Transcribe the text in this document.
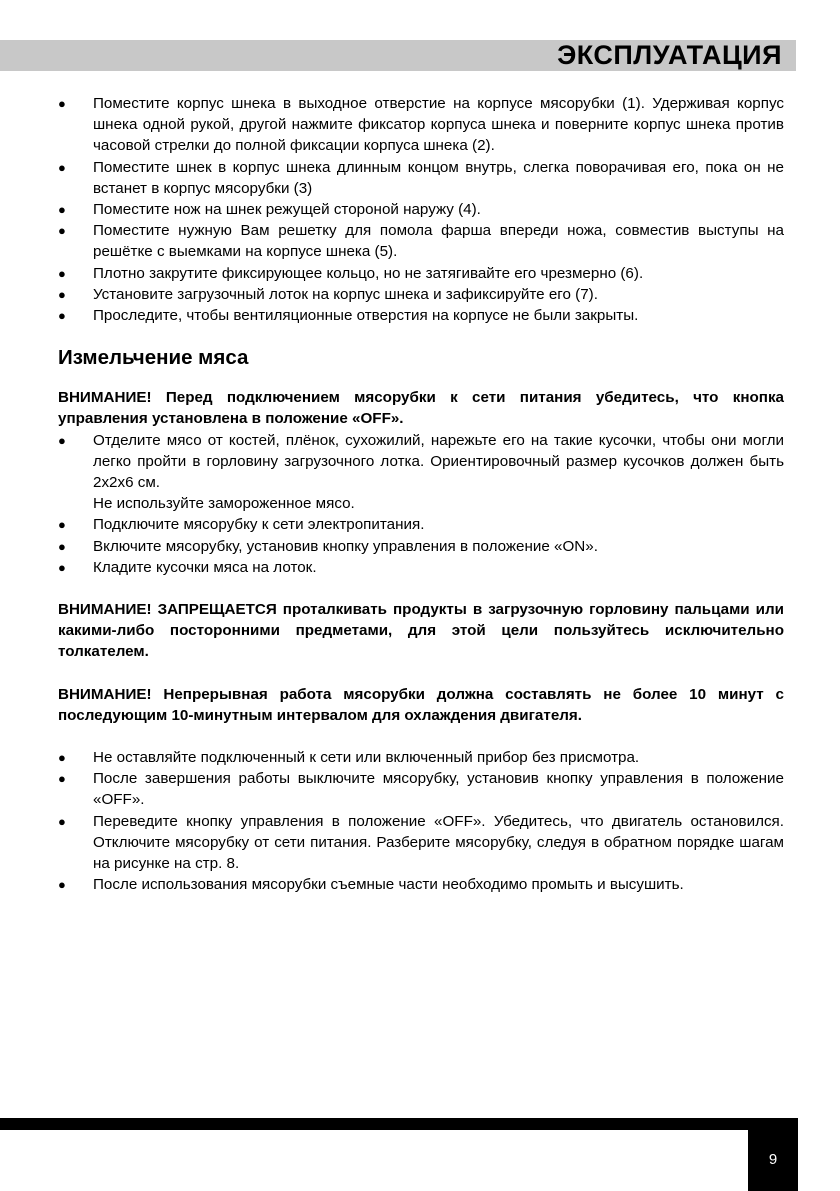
ЭКСПЛУАТАЦИЯ
● Поместите корпус шнека в выходное отверстие на корпусе мясорубки (1). Удерживая корпус шнека одной рукой, другой нажмите фиксатор корпуса шнека и поверните корпус шнека против часовой стрелки до полной фиксации корпуса шнека (2).
● Поместите шнек в корпус шнека длинным концом внутрь, слегка поворачивая его, пока он не встанет в корпус мясорубки (3)
● Поместите нож на шнек режущей стороной наружу (4).
● Поместите нужную Вам решетку для помола фарша впереди ножа, совместив выступы на решётке с выемками на корпусе шнека (5).
● Плотно закрутите фиксирующее кольцо, но не затягивайте его чрезмерно (6).
● Установите загрузочный лоток на корпус шнека и зафиксируйте его (7).
● Проследите, чтобы вентиляционные отверстия на корпусе не были закрыты.
Измельчение мяса

ВНИМАНИЕ! Перед подключением мясорубки к сети питания убедитесь, что кнопка управления установлена в положение «OFF».

● Отделите мясо от костей, плёнок, сухожилий, нарежьте его на такие кусочки, чтобы они могли легко пройти в горловину загрузочного лотка. Ориентировочный размер кусочков должен быть 2х2х6 см.
Не используйте замороженное мясо.
● Подключите мясорубку к сети электропитания.
● Включите мясорубку, установив кнопку управления в положение «ON».
● Кладите кусочки мяса на лоток.

ВНИМАНИЕ! ЗАПРЕЩАЕТСЯ проталкивать продукты в загрузочную горловину пальцами или какими-либо посторонними предметами, для этой цели пользуйтесь исключительно толкателем.

ВНИМАНИЕ! Непрерывная работа мясорубки должна составлять не более 10 минут с последующим 10-минутным интервалом для охлаждения двигателя.

● Не оставляйте подключенный к сети или включенный прибор без присмотра.
● После завершения работы выключите мясорубку, установив кнопку управления в положение «OFF».
● Переведите кнопку управления в положение «OFF». Убедитесь, что двигатель остановился. Отключите мясорубку от сети питания. Разберите мясорубку, следуя в обратном порядке шагам на рисунке на стр. 8.
● После использования мясорубки съемные части необходимо промыть и высушить.
9
